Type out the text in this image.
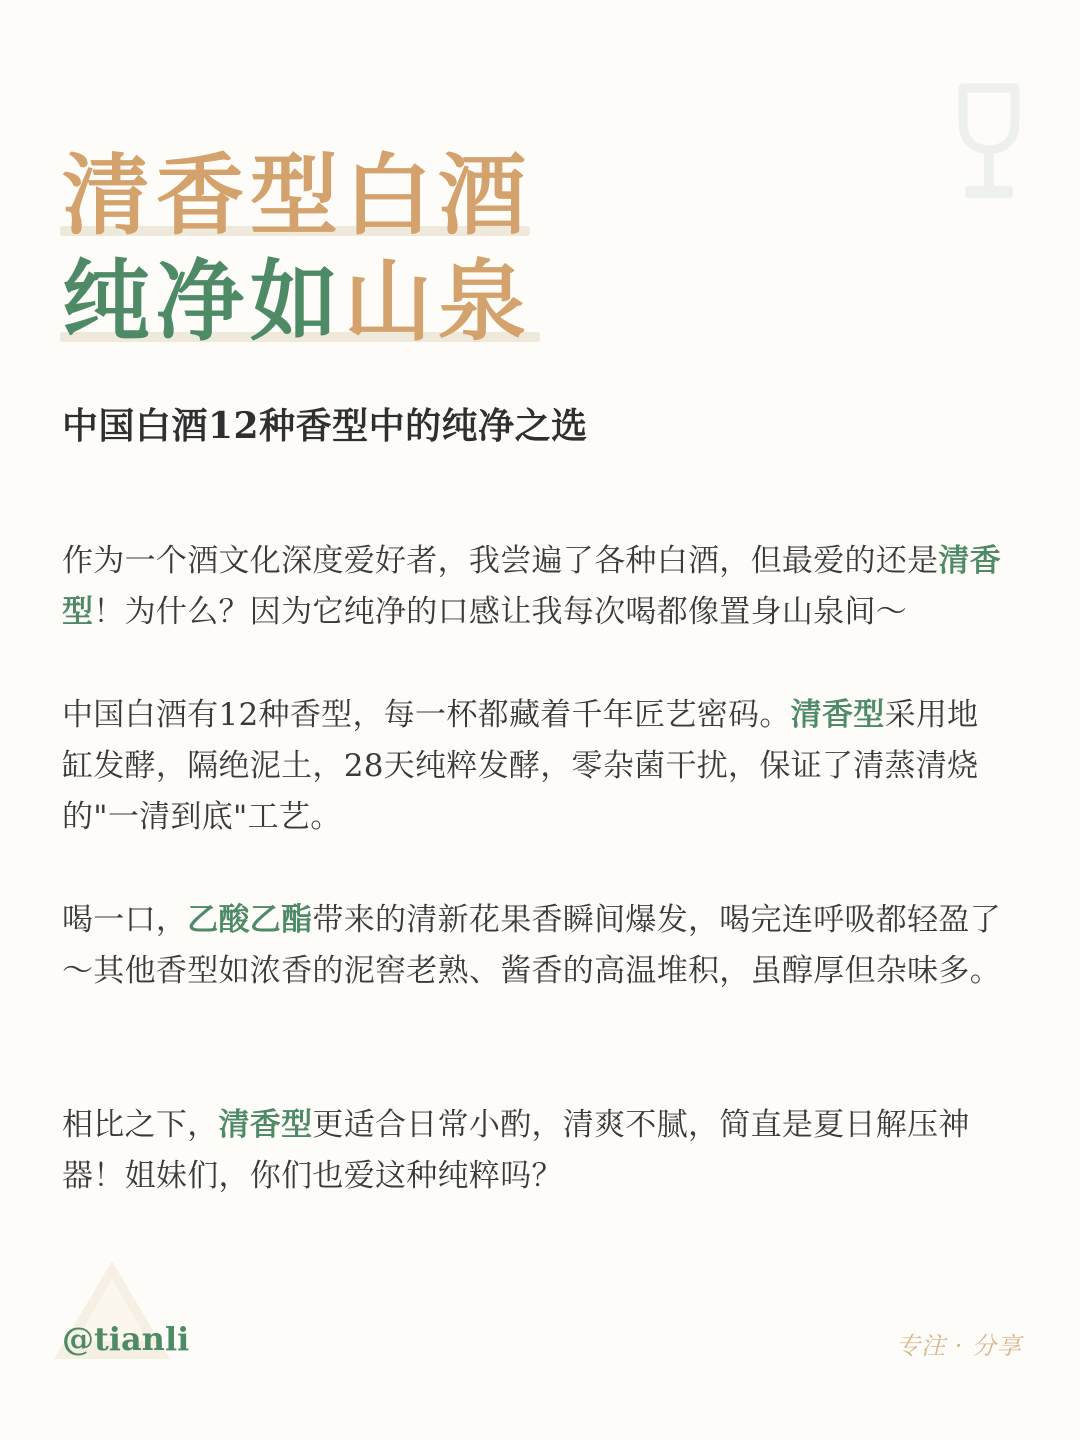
清香型白酒
纯净如山泉
中国白酒12种香型中的纯净之选

作为一个酒文化深度爱好者，我尝遍了各种白酒，但最爱的还是清香型！为什么？因为它纯净的口感让我每次喝都像置身山泉间～

中国白酒有12种香型，每一杯都藏着千年匠艺密码。清香型采用地缸发酵，隔绝泥土，28天纯粹发酵，零杂菌干扰，保证了清蒸清烧的"一清到底"工艺。

喝一口，乙酸乙酯带来的清新花果香瞬间爆发，喝完连呼吸都轻盈了～其他香型如浓香的泥窖老熟、酱香的高温堆积，虽醇厚但杂味多。

相比之下，清香型更适合日常小酌，清爽不腻，简直是夏日解压神器！姐妹们，你们也爱这种纯粹吗？

@tianli	专注 · 分享
